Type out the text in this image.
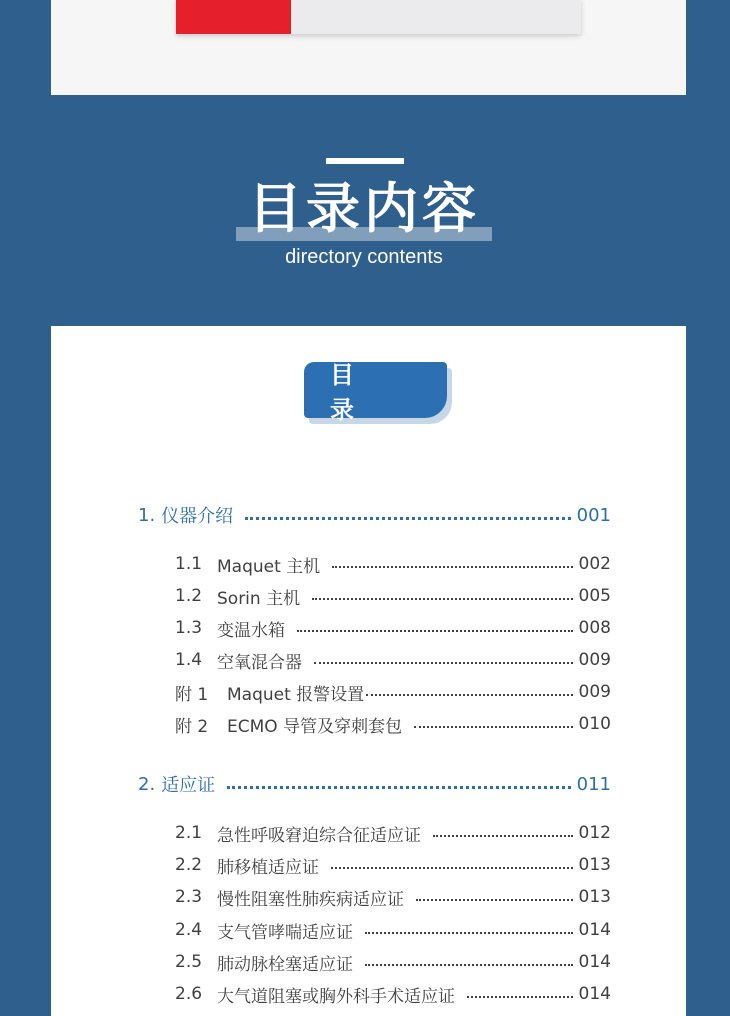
目录内容
directory contents
目 录
1. 仪器介绍	001
1.1 Maquet 主机	002
1.2 Sorin 主机	005
1.3 变温水箱	008
1.4 空氧混合器	009
附 1	Maquet 报警设置	009
附 2	ECMO 导管及穿刺套包	010
2. 适应证	011
2.1 急性呼吸窘迫综合征适应证	012
2.2 肺移植适应证	013
2.3 慢性阻塞性肺疾病适应证	013
2.4 支气管哮喘适应证	014
2.5 肺动脉栓塞适应证	014
2.6 大气道阻塞或胸外科手术适应证	014
